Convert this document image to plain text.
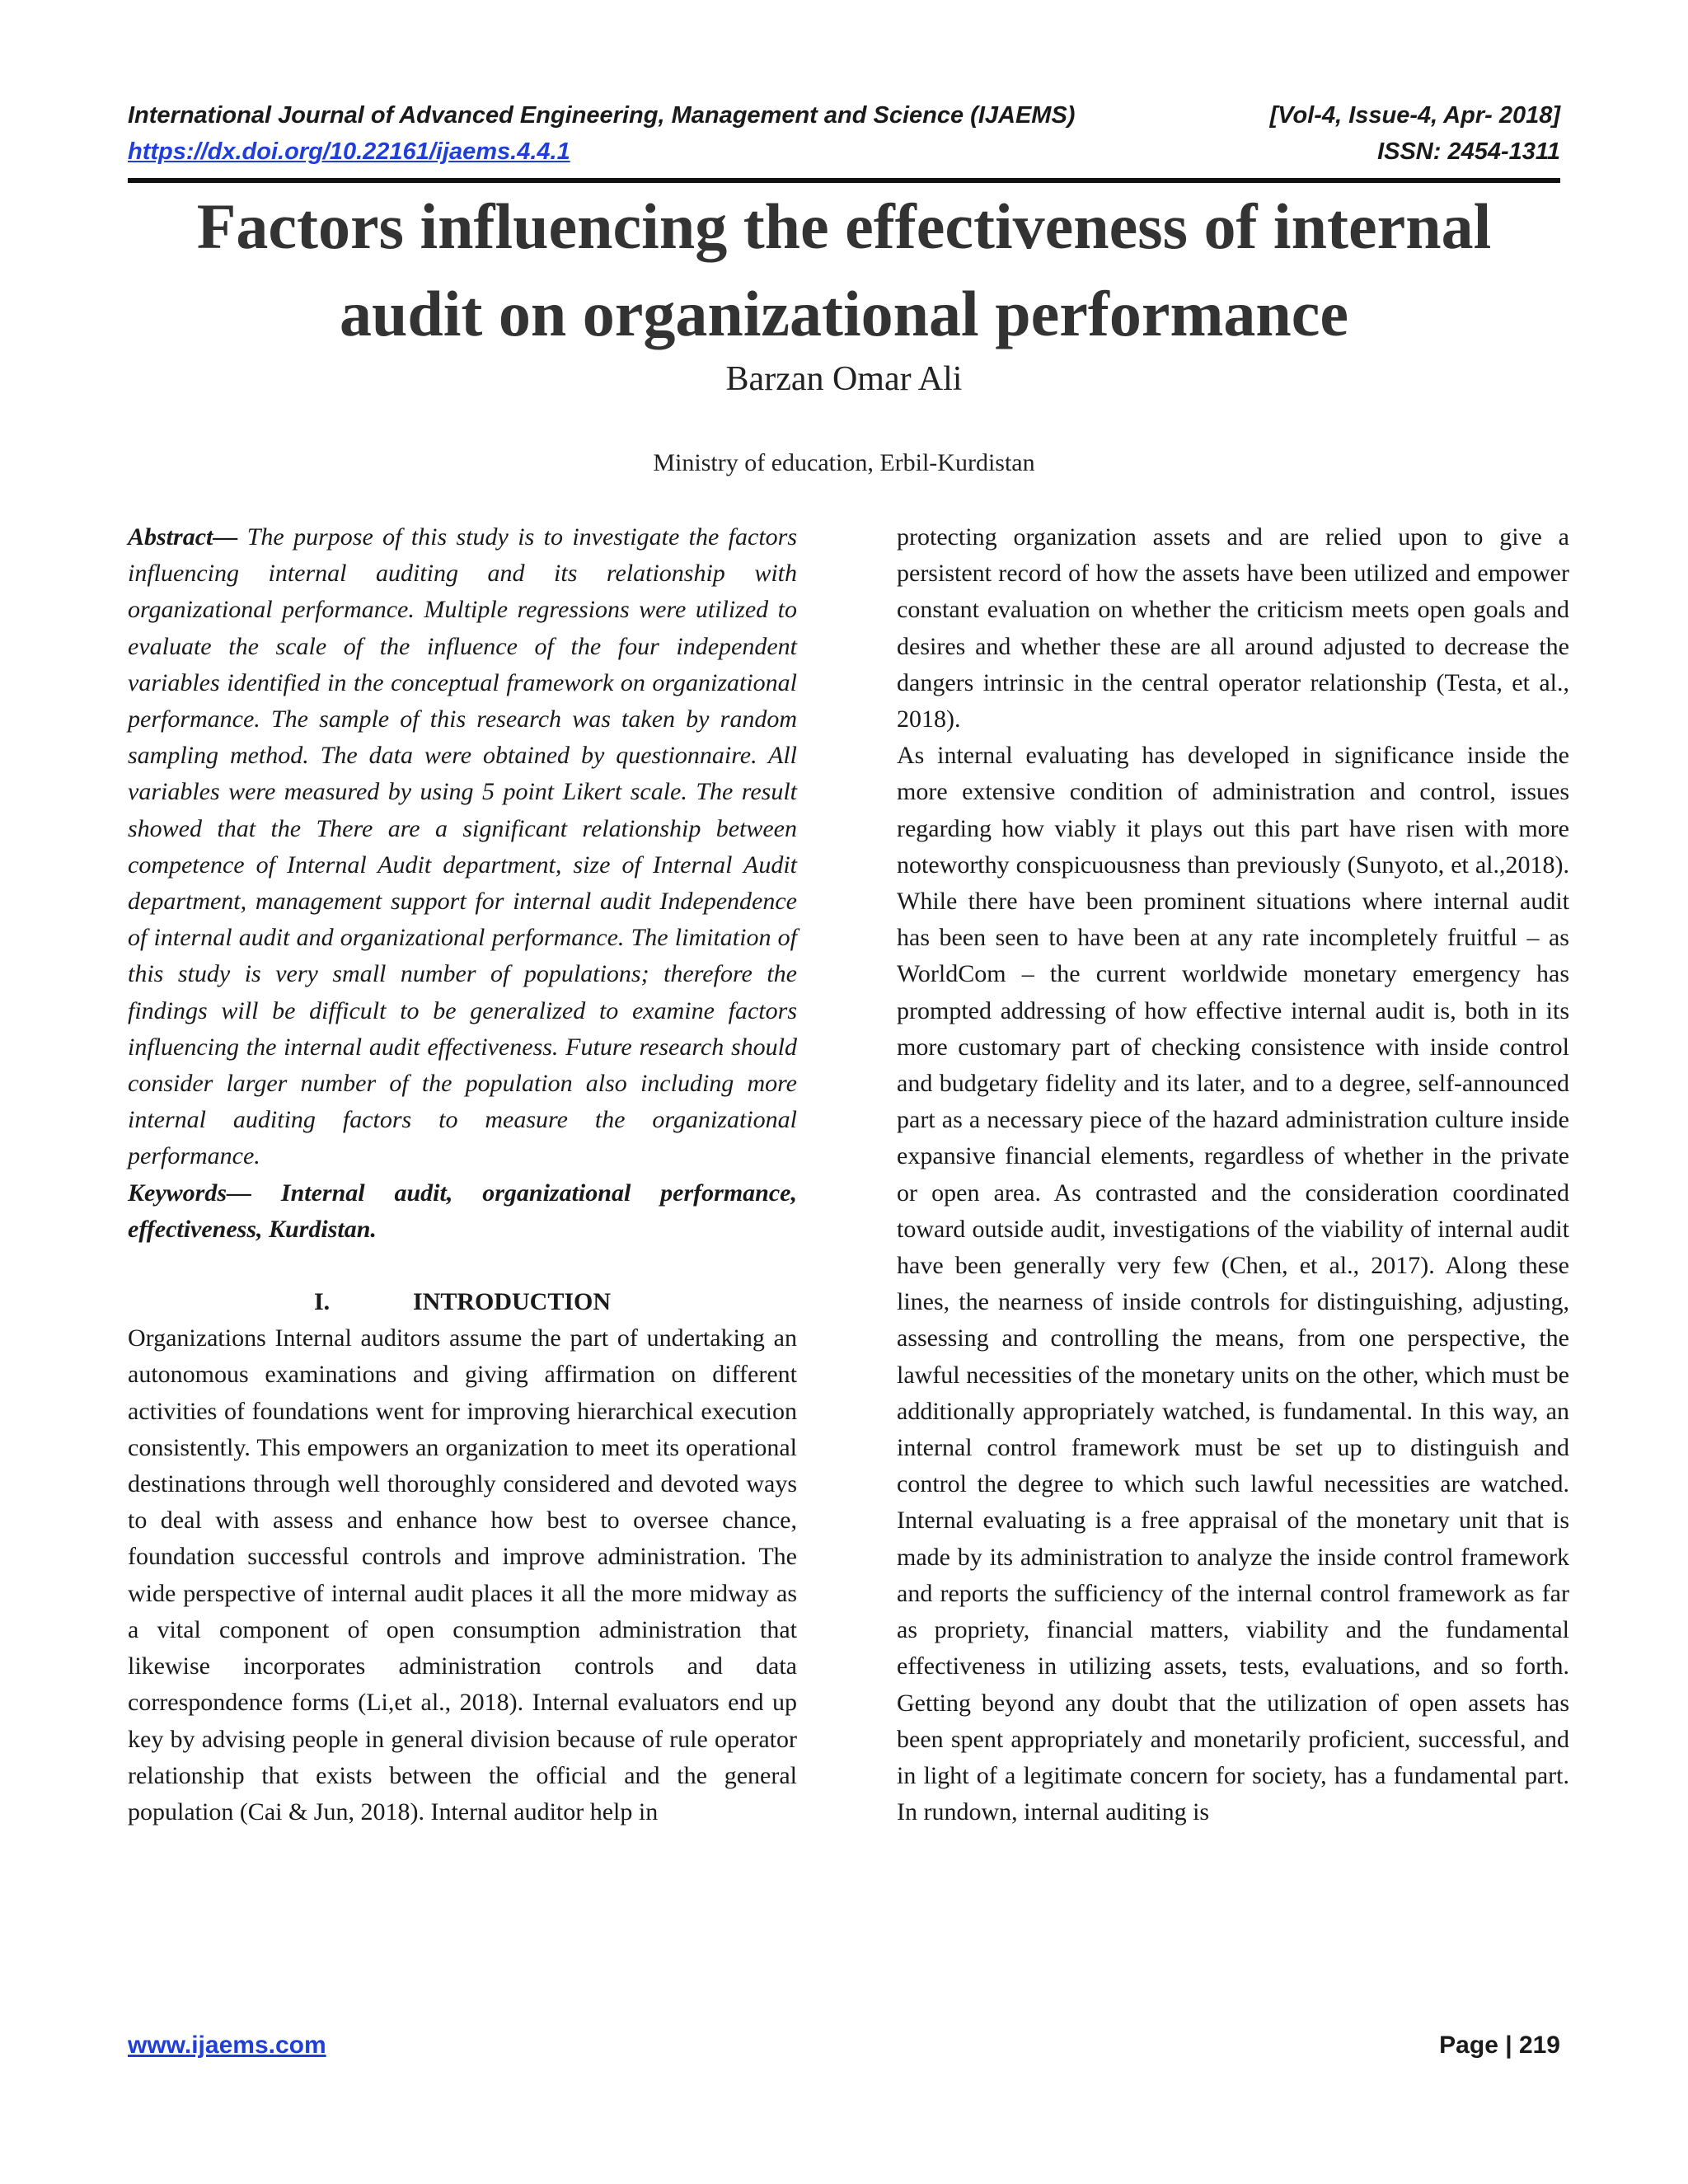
International Journal of Advanced Engineering, Management and Science (IJAEMS)	[Vol-4, Issue-4, Apr- 2018]
https://dx.doi.org/10.22161/ijaems.4.4.1	ISSN: 2454-1311
Factors influencing the effectiveness of internal audit on organizational performance
Barzan Omar Ali
Ministry of education, Erbil-Kurdistan

Abstract— The purpose of this study is to investigate the factors influencing internal auditing and its relationship with organizational performance. Multiple regressions were utilized to evaluate the scale of the influence of the four independent variables identified in the conceptual framework on organizational performance. The sample of this research was taken by random sampling method. The data were obtained by questionnaire. All variables were measured by using 5 point Likert scale. The result showed that the There are a significant relationship between competence of Internal Audit department, size of Internal Audit department, management support for internal audit Independence of internal audit and organizational performance. The limitation of this study is very small number of populations; therefore the findings will be difficult to be generalized to examine factors influencing the internal audit effectiveness. Future research should consider larger number of the population also including more internal auditing factors to measure the organizational performance.

Keywords— Internal audit, organizational performance, effectiveness, Kurdistan.

I.	INTRODUCTION

Organizations Internal auditors assume the part of undertaking an autonomous examinations and giving affirmation on different activities of foundations went for improving hierarchical execution consistently. This empowers an organization to meet its operational destinations through well thoroughly considered and devoted ways to deal with assess and enhance how best to oversee chance, foundation successful controls and improve administration. The wide perspective of internal audit places it all the more midway as a vital component of open consumption administration that likewise incorporates administration controls and data correspondence forms (Li,et al., 2018). Internal evaluators end up key by advising people in general division because of rule operator relationship that exists between the official and the general population (Cai & Jun, 2018). Internal auditor help in

protecting organization assets and are relied upon to give a persistent record of how the assets have been utilized and empower constant evaluation on whether the criticism meets open goals and desires and whether these are all around adjusted to decrease the dangers intrinsic in the central operator relationship (Testa, et al., 2018).

As internal evaluating has developed in significance inside the more extensive condition of administration and control, issues regarding how viably it plays out this part have risen with more noteworthy conspicuousness than previously (Sunyoto, et al.,2018). While there have been prominent situations where internal audit has been seen to have been at any rate incompletely fruitful – as WorldCom – the current worldwide monetary emergency has prompted addressing of how effective internal audit is, both in its more customary part of checking consistence with inside control and budgetary fidelity and its later, and to a degree, self-announced part as a necessary piece of the hazard administration culture inside expansive financial elements, regardless of whether in the private or open area. As contrasted and the consideration coordinated toward outside audit, investigations of the viability of internal audit have been generally very few (Chen, et al., 2017). Along these lines, the nearness of inside controls for distinguishing, adjusting, assessing and controlling the means, from one perspective, the lawful necessities of the monetary units on the other, which must be additionally appropriately watched, is fundamental. In this way, an internal control framework must be set up to distinguish and control the degree to which such lawful necessities are watched. Internal evaluating is a free appraisal of the monetary unit that is made by its administration to analyze the inside control framework and reports the sufficiency of the internal control framework as far as propriety, financial matters, viability and the fundamental effectiveness in utilizing assets, tests, evaluations, and so forth. Getting beyond any doubt that the utilization of open assets has been spent appropriately and monetarily proficient, successful, and in light of a legitimate concern for society, has a fundamental part. In rundown, internal auditing is

www.ijaems.com	Page | 219
